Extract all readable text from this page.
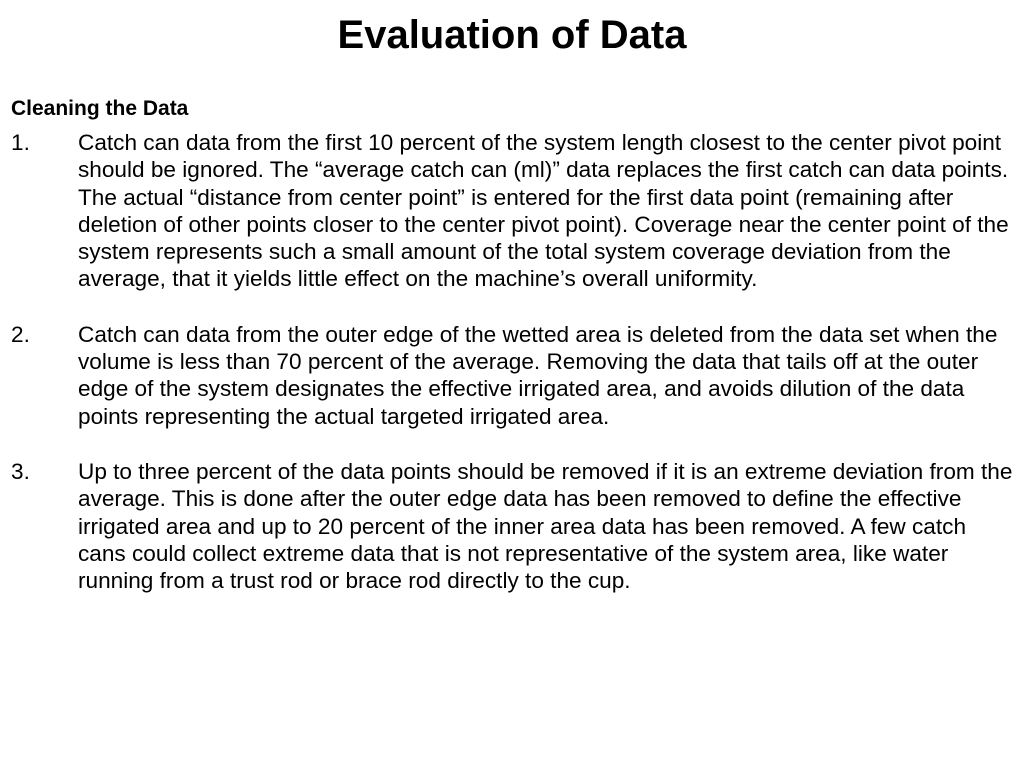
Evaluation of Data
Cleaning the Data
1. Catch can data from the first 10 percent of the system length closest to the center pivot point should be ignored. The “average catch can (ml)” data replaces the first catch can data points. The actual “distance from center point” is entered for the first data point (remaining after deletion of other points closer to the center pivot point). Coverage near the center point of the system represents such a small amount of the total system coverage deviation from the average, that it yields little effect on the machine’s overall uniformity.
2. Catch can data from the outer edge of the wetted area is deleted from the data set when the volume is less than 70 percent of the average. Removing the data that tails off at the outer edge of the system designates the effective irrigated area, and avoids dilution of the data points representing the actual targeted irrigated area.
3. Up to three percent of the data points should be removed if it is an extreme deviation from the average. This is done after the outer edge data has been removed to define the effective irrigated area and up to 20 percent of the inner area data has been removed. A few catch cans could collect extreme data that is not representative of the system area, like water running from a trust rod or brace rod directly to the cup.
